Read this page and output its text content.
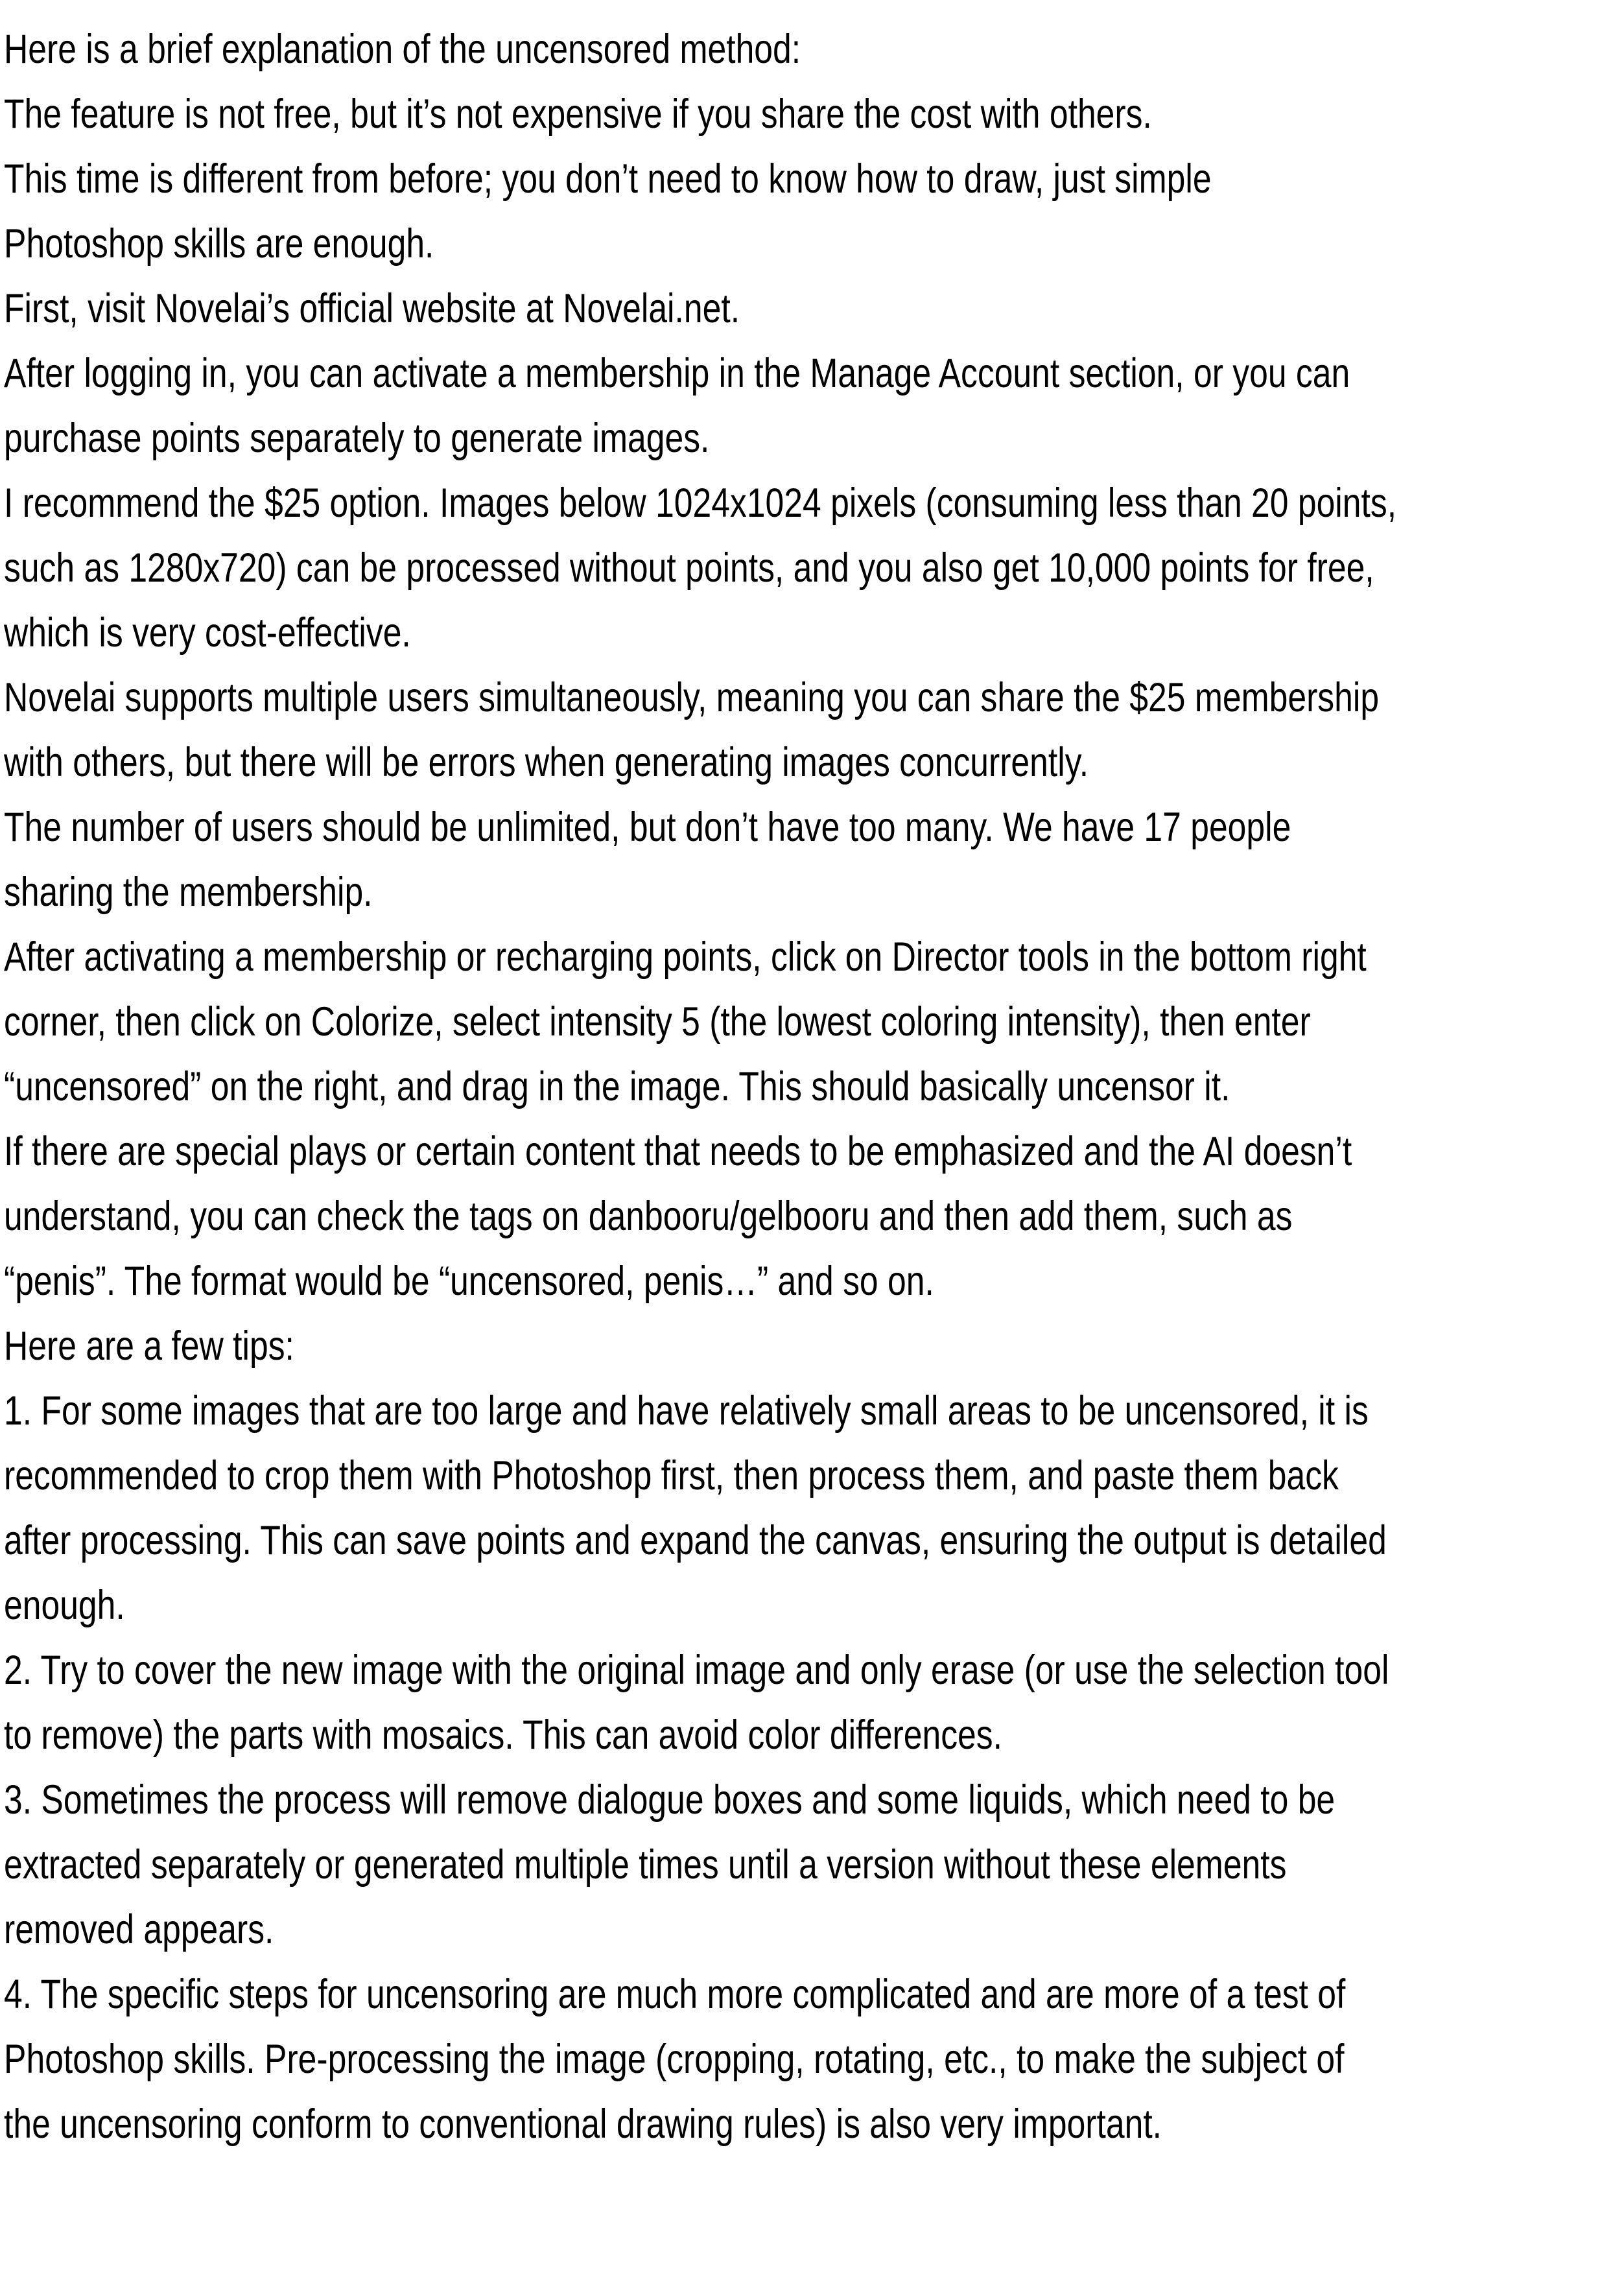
Here is a brief explanation of the uncensored method:
The feature is not free, but it’s not expensive if you share the cost with others.
This time is different from before; you don’t need to know how to draw, just simple
Photoshop skills are enough.
First, visit Novelai’s official website at Novelai.net.
After logging in, you can activate a membership in the Manage Account section, or you can
purchase points separately to generate images.
I recommend the $25 option. Images below 1024x1024 pixels (consuming less than 20 points,
such as 1280x720) can be processed without points, and you also get 10,000 points for free,
which is very cost-effective.
Novelai supports multiple users simultaneously, meaning you can share the $25 membership
with others, but there will be errors when generating images concurrently.
The number of users should be unlimited, but don’t have too many. We have 17 people
sharing the membership.
After activating a membership or recharging points, click on Director tools in the bottom right
corner, then click on Colorize, select intensity 5 (the lowest coloring intensity), then enter
“uncensored” on the right, and drag in the image. This should basically uncensor it.
If there are special plays or certain content that needs to be emphasized and the AI doesn’t
understand, you can check the tags on danbooru/gelbooru and then add them, such as
“penis”. The format would be “uncensored, penis…” and so on.
Here are a few tips:
1. For some images that are too large and have relatively small areas to be uncensored, it is
recommended to crop them with Photoshop first, then process them, and paste them back
after processing. This can save points and expand the canvas, ensuring the output is detailed
enough.
2. Try to cover the new image with the original image and only erase (or use the selection tool
to remove) the parts with mosaics. This can avoid color differences.
3. Sometimes the process will remove dialogue boxes and some liquids, which need to be
extracted separately or generated multiple times until a version without these elements
removed appears.
4. The specific steps for uncensoring are much more complicated and are more of a test of
Photoshop skills. Pre-processing the image (cropping, rotating, etc., to make the subject of
the uncensoring conform to conventional drawing rules) is also very important.
